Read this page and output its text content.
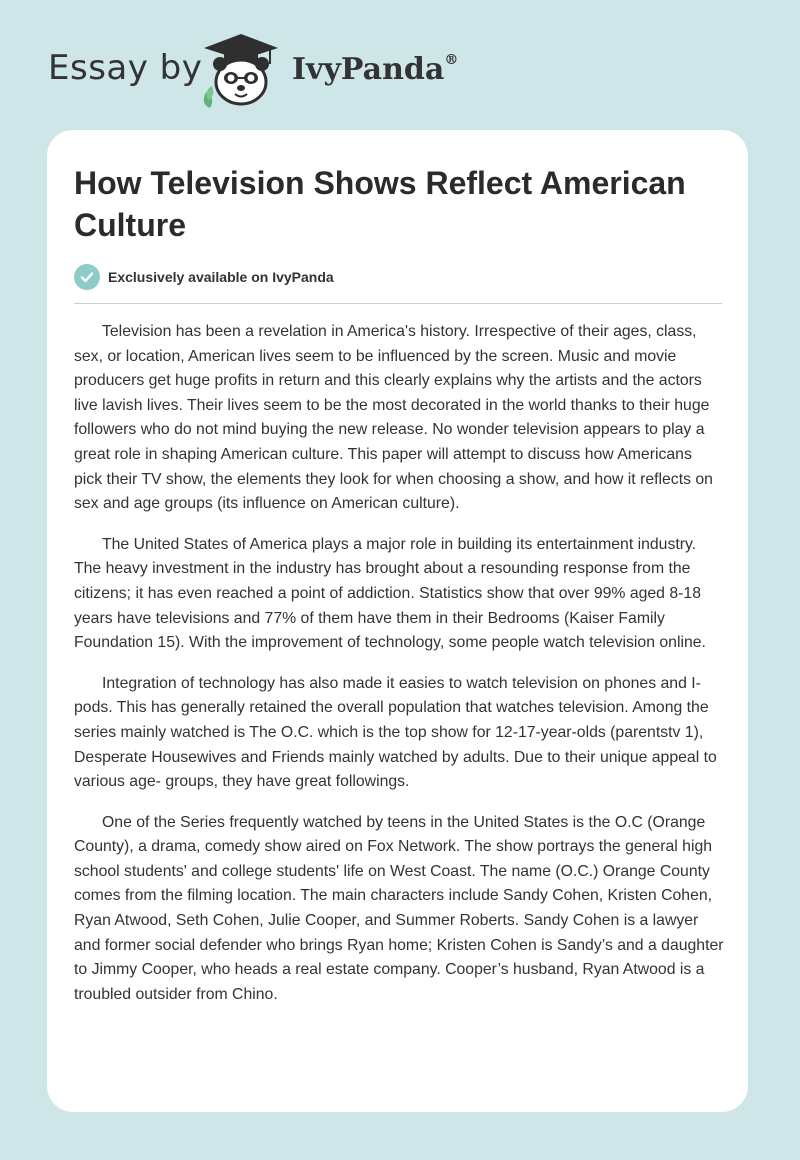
Essay by	IvyPanda®
How Television Shows Reflect American Culture
Exclusively available on IvyPanda

Television has been a revelation in America's history. Irrespective of their ages, class, sex, or location, American lives seem to be influenced by the screen. Music and movie producers get huge profits in return and this clearly explains why the artists and the actors live lavish lives. Their lives seem to be the most decorated in the world thanks to their huge followers who do not mind buying the new release. No wonder television appears to play a great role in shaping American culture. This paper will attempt to discuss how Americans pick their TV show, the elements they look for when choosing a show, and how it reflects on sex and age groups (its influence on American culture).

The United States of America plays a major role in building its entertainment industry. The heavy investment in the industry has brought about a resounding response from the citizens; it has even reached a point of addiction. Statistics show that over 99% aged 8-18 years have televisions and 77% of them have them in their Bedrooms (Kaiser Family Foundation 15). With the improvement of technology, some people watch television online.

Integration of technology has also made it easies to watch television on phones and I-pods. This has generally retained the overall population that watches television. Among the series mainly watched is The O.C. which is the top show for 12-17-year-olds (parentstv 1), Desperate Housewives and Friends mainly watched by adults. Due to their unique appeal to various age- groups, they have great followings.

One of the Series frequently watched by teens in the United States is the O.C (Orange County), a drama, comedy show aired on Fox Network. The show portrays the general high school students' and college students' life on West Coast. The name (O.C.) Orange County comes from the filming location. The main characters include Sandy Cohen, Kristen Cohen, Ryan Atwood, Seth Cohen, Julie Cooper, and Summer Roberts. Sandy Cohen is a lawyer and former social defender who brings Ryan home; Kristen Cohen is Sandy’s and a daughter to Jimmy Cooper, who heads a real estate company. Cooper’s husband, Ryan Atwood is a troubled outsider from Chino.
